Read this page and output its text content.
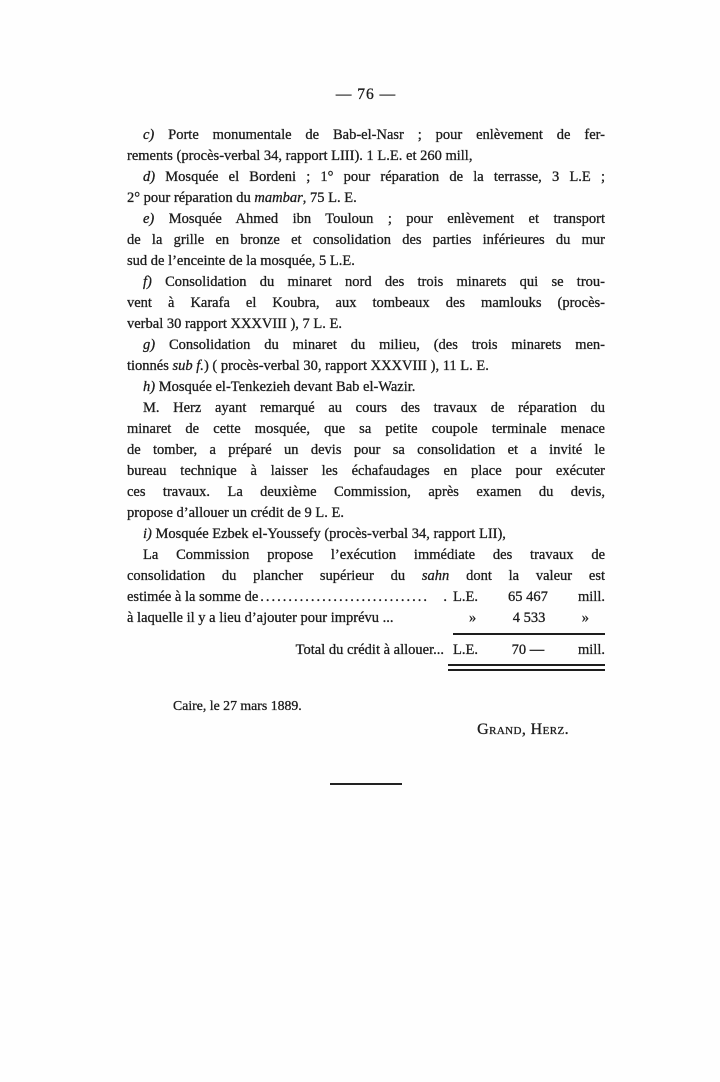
— 76 —
c) Porte monumentale de Bab-el-Nasr ; pour enlèvement de fer-
rements (procès-verbal 34, rapport LIII). 1 L.E. et 260 mill,
d) Mosquée el Bordeni ; 1° pour réparation de la terrasse, 3 L.E ;
2° pour réparation du mambar, 75 L. E.
e) Mosquée Ahmed ibn Touloun ; pour enlèvement et transport
de la grille en bronze et consolidation des parties inférieures du mur
sud de l’enceinte de la mosquée, 5 L.E.
f) Consolidation du minaret nord des trois minarets qui se trou-
vent à Karafa el Koubra, aux tombeaux des mamlouks (procès-
verbal 30 rapport XXXVIII ), 7 L. E.
g) Consolidation du minaret du milieu, (des trois minarets men-
tionnés sub f.) ( procès-verbal 30, rapport XXXVIII ), 11 L. E.
h) Mosquée el-Tenkezieh devant Bab el-Wazir.
M. Herz ayant remarqué au cours des travaux de réparation du
minaret de cette mosquée, que sa petite coupole terminale menace
de tomber, a préparé un devis pour sa consolidation et a invité le
bureau technique à laisser les échafaudages en place pour exécuter
ces travaux. La deuxième Commission, après examen du devis,
propose d’allouer un crédit de 9 L. E.
i) Mosquée Ezbek el-Youssefy (procès-verbal 34, rapport LII),
La Commission propose l’exécution immédiate des travaux de
consolidation du plancher supérieur du sahn dont la valeur est
estimée à la somme de .............................. . L.E. 65 467 mill.
à laquelle il y a lieu d’ajouter pour imprévu ...	»	4 533	»
Total du crédit à allouer... L.E. 70 — mill.
Caire, le 27 mars 1889.
Grand, Herz.
